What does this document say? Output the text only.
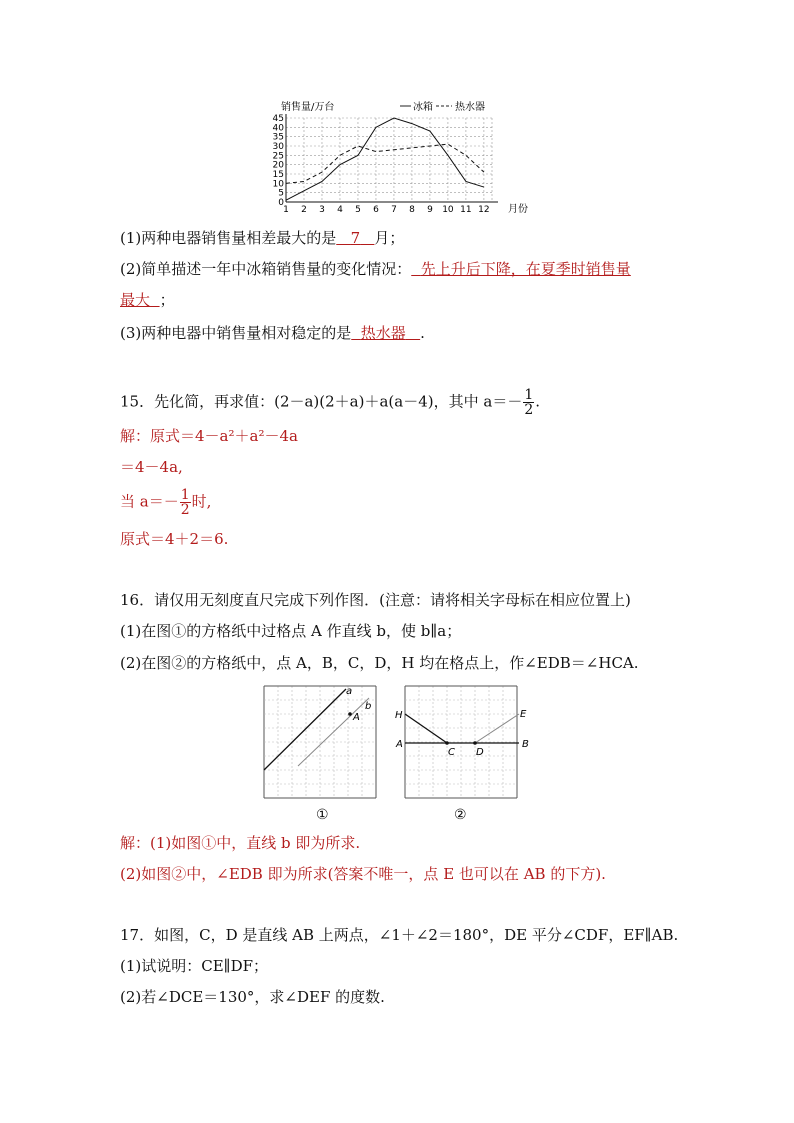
1 2 3 4 5 6 7 8 9 10 11 12
0
5
10
15
20
25
30
35
40
45
销售量/万台
月份
冰箱 热水器
(1)两种电器销售量相差最大的是 7 月；
(2)简单描述一年中冰箱销售量的变化情况： 先上升后下降，在夏季时销售量
最大 ；
(3)两种电器中销售量相对稳定的是 热水器 .
15．先化简，再求值：(2－a)(2＋a)＋a(a－4)，其中 $a=- \frac{1}{2}$ .
解：原式＝4－a²＋a²－4a
＝4－4a,
当 $a=- \frac{1}{2}$ 时,
原式＝4＋2＝6.
16．请仅用无刻度直尺完成下列作图．(注意：请将相关字母标在相应位置上)
(1)在图①的方格纸中过格点 A 作直线 b，使 b∥a；
(2)在图②的方格纸中，点 A，B，C，D，H 均在格点上，作∠EDB＝∠HCA.
a
b
A
①
H
A
C D
E
B
②
解：(1)如图①中，直线 b 即为所求.
(2)如图②中，∠EDB 即为所求(答案不唯一，点 E 也可以在 AB 的下方).
17．如图，C，D 是直线 AB 上两点，∠1＋∠2＝180°，DE 平分∠CDF，EF∥AB.
(1)试说明：CE∥DF；
(2)若∠DCE＝130°，求∠DEF 的度数.
